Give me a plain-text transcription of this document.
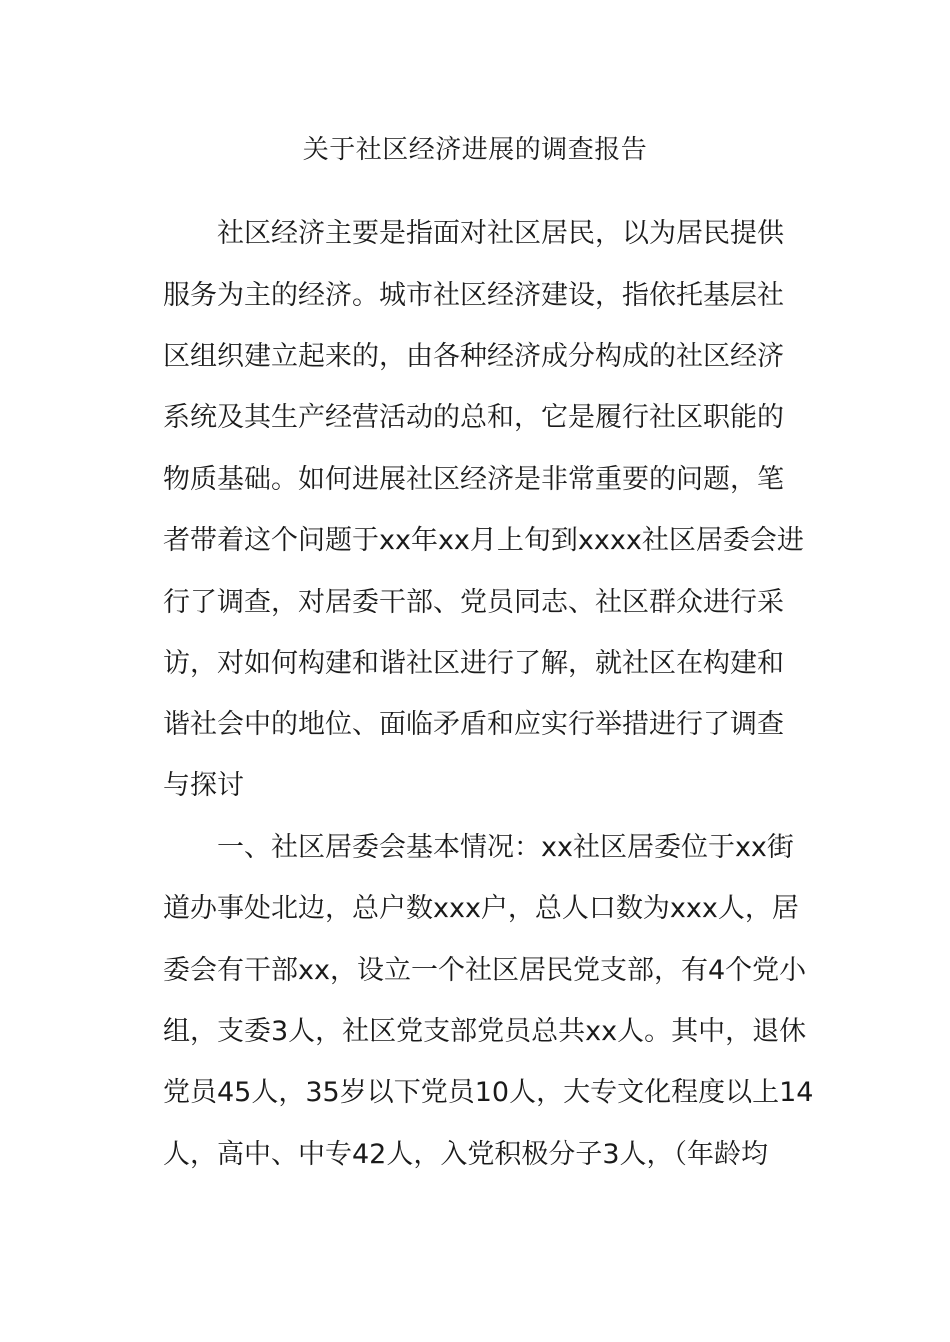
关于社区经济进展的调查报告

社区经济主要是指面对社区居民，以为居民提供

服务为主的经济。城市社区经济建设，指依托基层社

区组织建立起来的，由各种经济成分构成的社区经济

系统及其生产经营活动的总和，它是履行社区职能的

物质基础。如何进展社区经济是非常重要的问题，笔

者带着这个问题于xx年xx月上旬到xxxx社区居委会进

行了调查，对居委干部、党员同志、社区群众进行采

访，对如何构建和谐社区进行了解，就社区在构建和

谐社会中的地位、面临矛盾和应实行举措进行了调查

与探讨

一、社区居委会基本情况：xx社区居委位于xx街

道办事处北边，总户数xxx户，总人口数为xxx人，居

委会有干部xx，设立一个社区居民党支部，有4个党小

组，支委3人，社区党支部党员总共xx人。其中，退休

党员45人，35岁以下党员10人，大专文化程度以上14

人，高中、中专42人，入党积极分子3人，（年龄均
